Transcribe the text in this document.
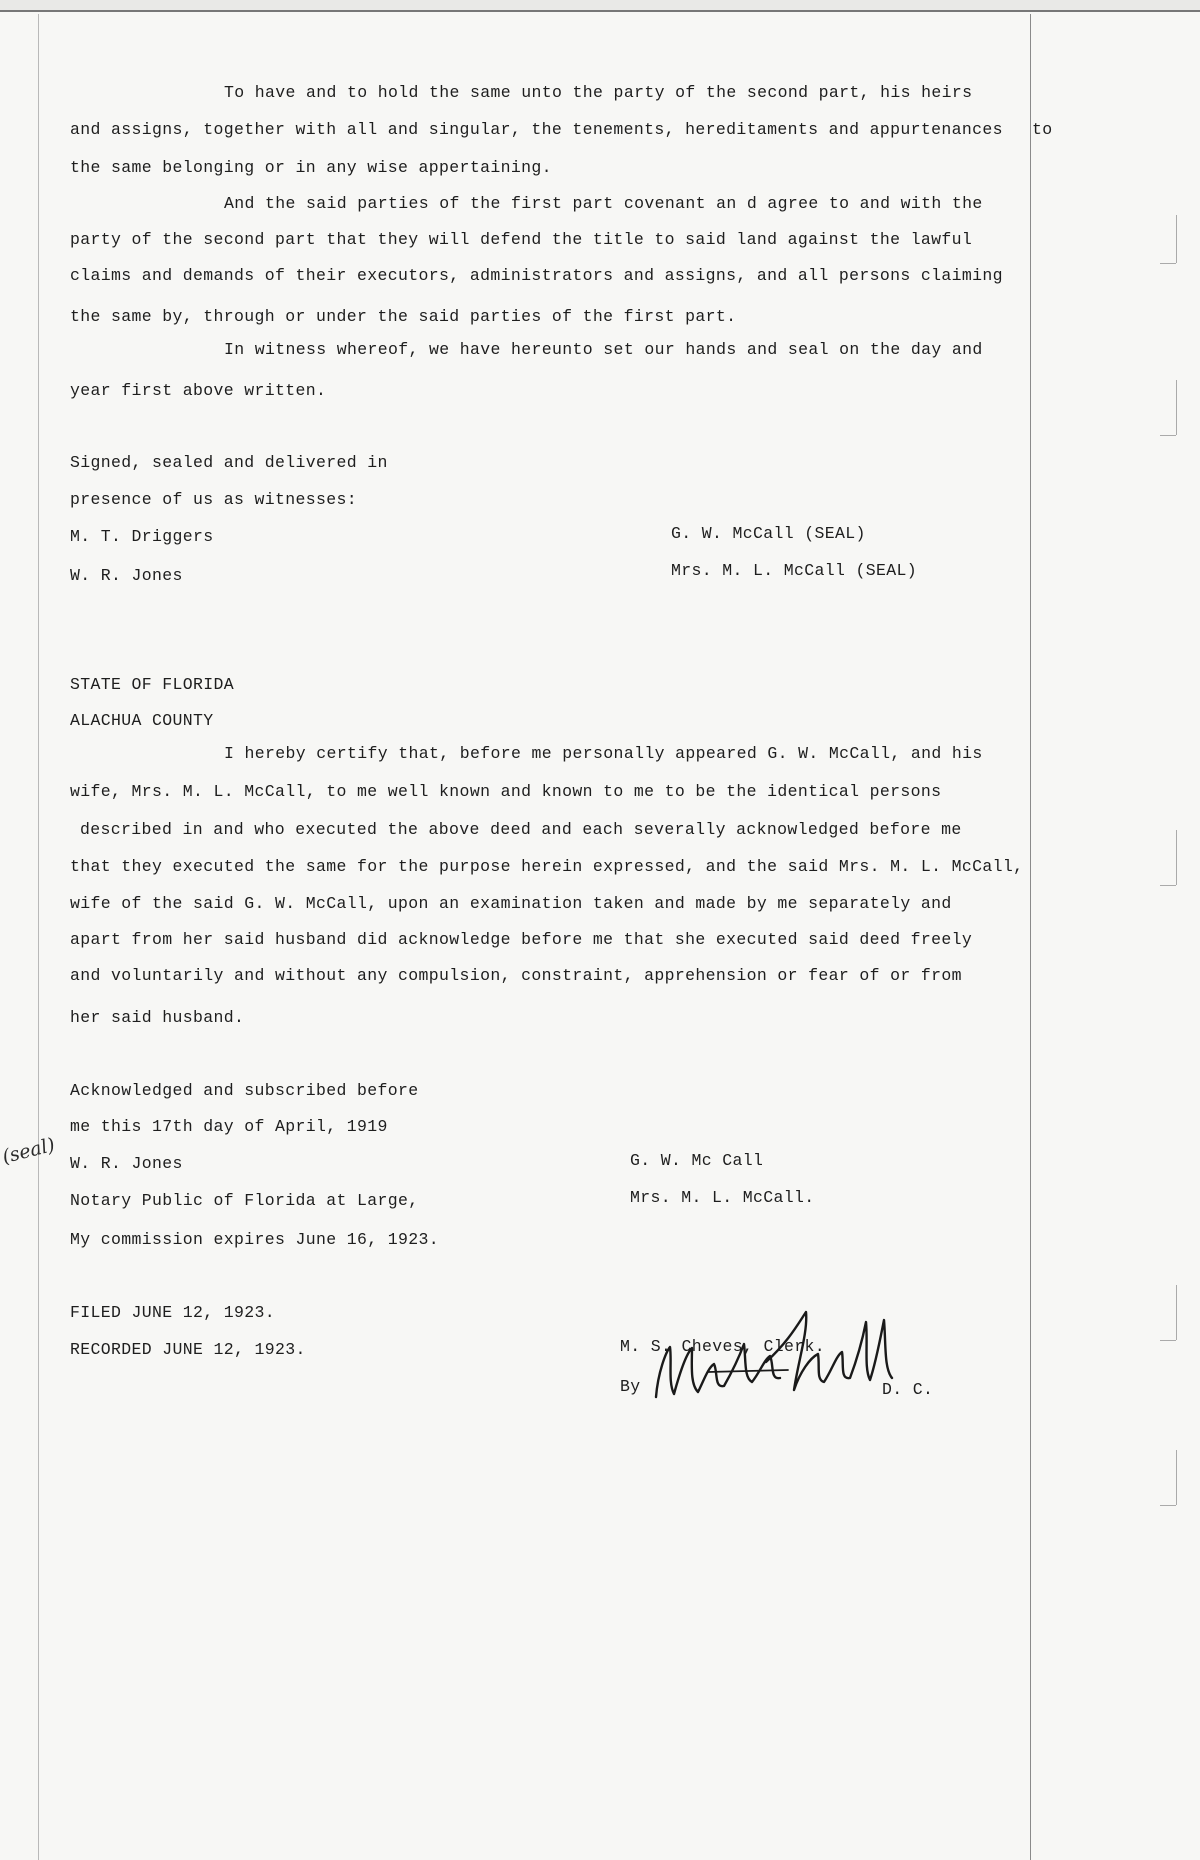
To have and to hold the same unto the party of the second part, his heirs
and assigns, together with all and singular, the tenements, hereditaments and appurtenances to
the same belonging or in any wise appertaining.
And the said parties of the first part covenant an d agree to and with the
party of the second part that they will defend the title to said land against the lawful
claims and demands of their executors, administrators and assigns, and all persons claiming
the same by, through or under the said parties of the first part.
In witness whereof, we have hereunto set our hands and seal on the day and
year first above written.
Signed, sealed and delivered in
presence of us as witnesses:
M. T. Driggers
W. R. Jones
G. W. McCall (SEAL)
Mrs. M. L. McCall (SEAL)
STATE OF FLORIDA
ALACHUA COUNTY
I hereby certify that, before me personally appeared G. W. McCall, and his
wife, Mrs. M. L. McCall, to me well known and known to me to be the identical persons
described in and who executed the above deed and each severally acknowledged before me
that they executed the same for the purpose herein expressed, and the said Mrs. M. L. McCall,
wife of the said G. W. McCall, upon an examination taken and made by me separately and
apart from her said husband did acknowledge before me that she executed said deed freely
and voluntarily and without any compulsion, constraint, apprehension or fear of or from
her said husband.
Acknowledged and subscribed before
me this 17th day of April, 1919
W. R. Jones
Notary Public of Florida at Large,
My commission expires June 16, 1923.
(seal)	G. W. Mc Call
Mrs. M. L. McCall.
FILED JUNE 12, 1923.
RECORDED JUNE 12, 1923.	M. S. Cheves, Clerk.
By	D. C.
